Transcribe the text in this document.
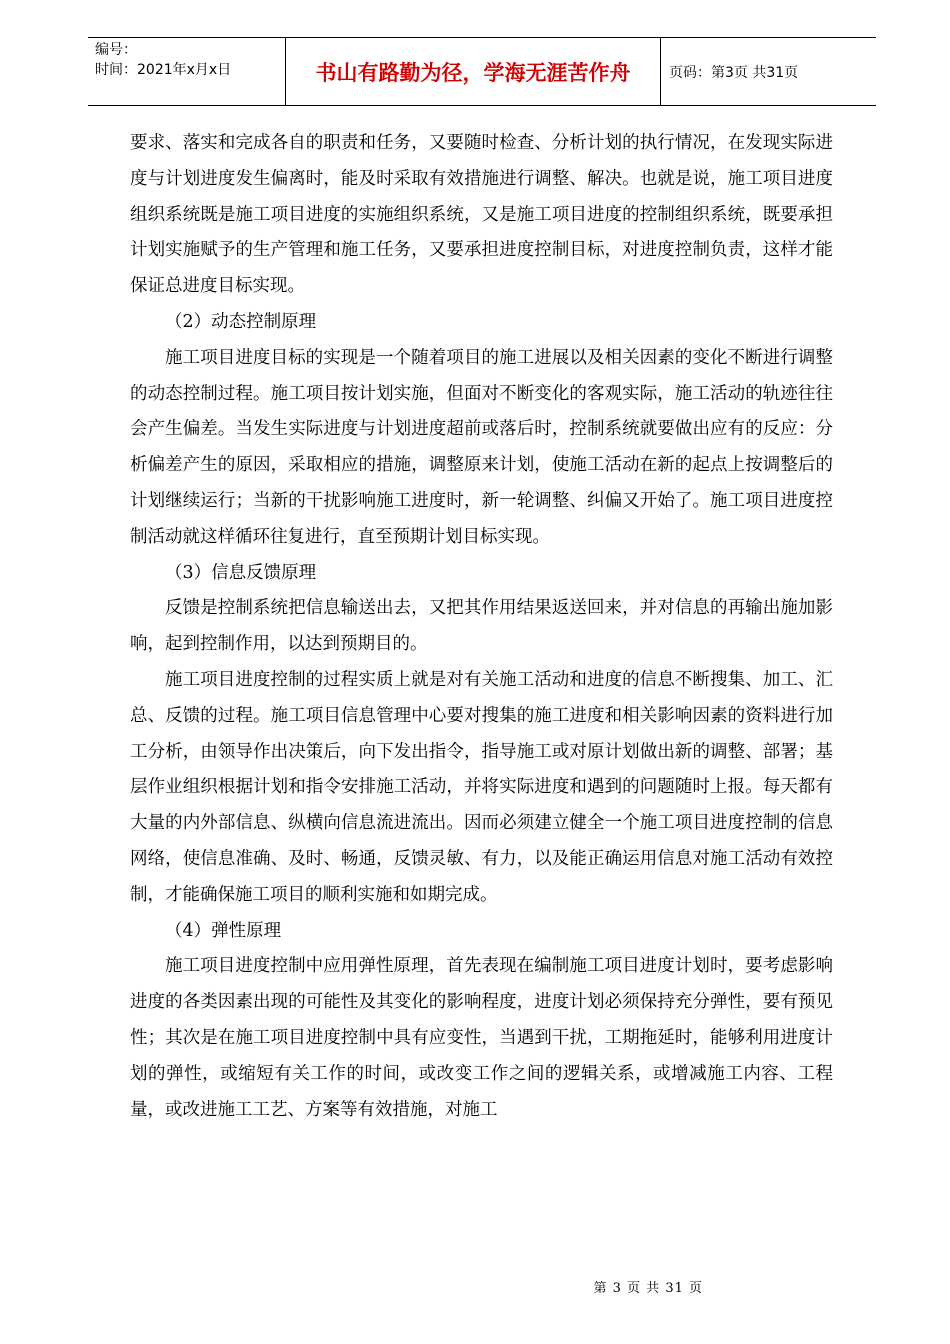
编号：
时间：2021年x月x日	书山有路勤为径，学海无涯苦作舟	页码：第3页 共31页

要求、落实和完成各自的职责和任务，又要随时检查、分析计划的执行情况，在发现实际进度与计划进度发生偏离时，能及时采取有效措施进行调整、解决。也就是说，施工项目进度组织系统既是施工项目进度的实施组织系统，又是施工项目进度的控制组织系统，既要承担计划实施赋予的生产管理和施工任务，又要承担进度控制目标，对进度控制负责，这样才能保证总进度目标实现。

（2）动态控制原理

施工项目进度目标的实现是一个随着项目的施工进展以及相关因素的变化不断进行调整的动态控制过程。施工项目按计划实施，但面对不断变化的客观实际，施工活动的轨迹往往会产生偏差。当发生实际进度与计划进度超前或落后时，控制系统就要做出应有的反应：分析偏差产生的原因，采取相应的措施，调整原来计划，使施工活动在新的起点上按调整后的计划继续运行；当新的干扰影响施工进度时，新一轮调整、纠偏又开始了。施工项目进度控制活动就这样循环往复进行，直至预期计划目标实现。

（3）信息反馈原理

反馈是控制系统把信息输送出去，又把其作用结果返送回来，并对信息的再输出施加影响，起到控制作用，以达到预期目的。

施工项目进度控制的过程实质上就是对有关施工活动和进度的信息不断搜集、加工、汇总、反馈的过程。施工项目信息管理中心要对搜集的施工进度和相关影响因素的资料进行加工分析，由领导作出决策后，向下发出指令，指导施工或对原计划做出新的调整、部署；基层作业组织根据计划和指令安排施工活动，并将实际进度和遇到的问题随时上报。每天都有大量的内外部信息、纵横向信息流进流出。因而必须建立健全一个施工项目进度控制的信息网络，使信息准确、及时、畅通，反馈灵敏、有力，以及能正确运用信息对施工活动有效控制，才能确保施工项目的顺利实施和如期完成。

（4）弹性原理

施工项目进度控制中应用弹性原理，首先表现在编制施工项目进度计划时，要考虑影响进度的各类因素出现的可能性及其变化的影响程度，进度计划必须保持充分弹性，要有预见性；其次是在施工项目进度控制中具有应变性，当遇到干扰，工期拖延时，能够利用进度计划的弹性，或缩短有关工作的时间，或改变工作之间的逻辑关系，或增减施工内容、工程量，或改进施工工艺、方案等有效措施，对施工

第 3 页 共 31 页
